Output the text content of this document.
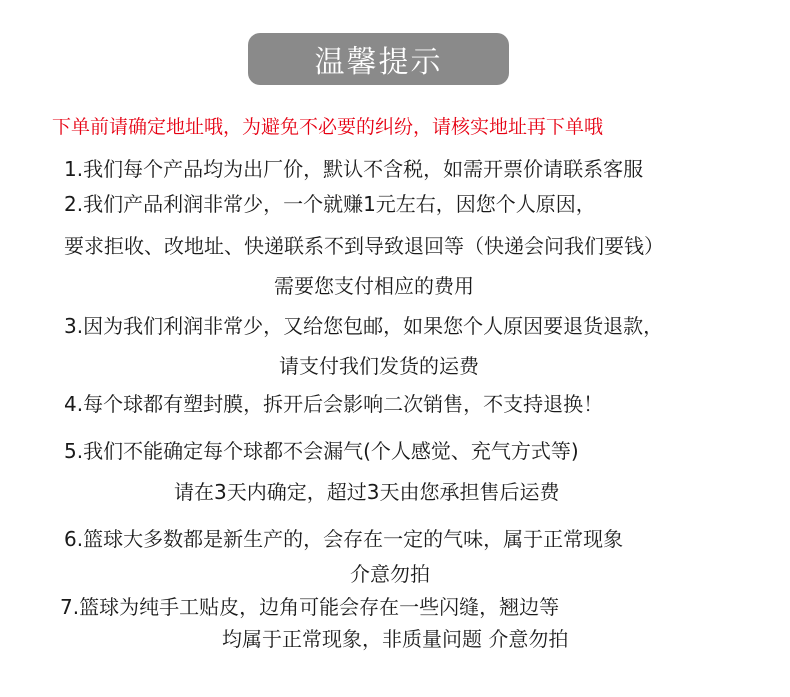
温馨提示
下单前请确定地址哦，为避免不必要的纠纷，请核实地址再下单哦
1.我们每个产品均为出厂价，默认不含税，如需开票价请联系客服
2.我们产品利润非常少，一个就赚1元左右，因您个人原因，
要求拒收、改地址、快递联系不到导致退回等（快递会问我们要钱）
需要您支付相应的费用
3.因为我们利润非常少，又给您包邮，如果您个人原因要退货退款，
请支付我们发货的运费
4.每个球都有塑封膜，拆开后会影响二次销售，不支持退换！
5.我们不能确定每个球都不会漏气(个人感觉、充气方式等)
请在3天内确定，超过3天由您承担售后运费
6.篮球大多数都是新生产的，会存在一定的气味，属于正常现象
介意勿拍
7.篮球为纯手工贴皮，边角可能会存在一些闪缝，翘边等
均属于正常现象，非质量问题 介意勿拍
